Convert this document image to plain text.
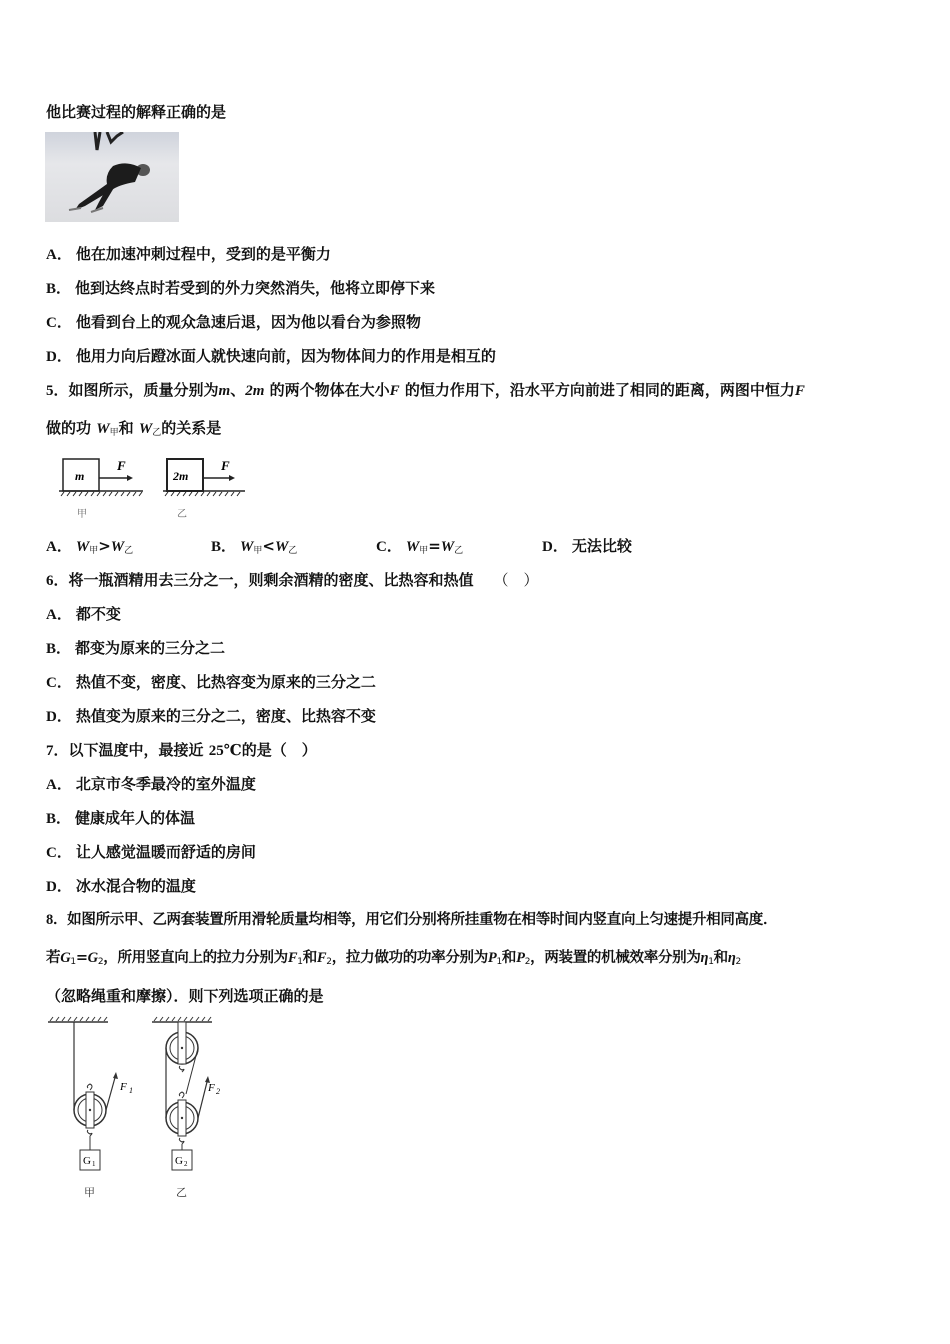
他比赛过程的解释正确的是
A． 他在加速冲刺过程中，受到的是平衡力
B． 他到达终点时若受到的外力突然消失，他将立即停下来
C． 他看到台上的观众急速后退，因为他以看台为参照物
D． 他用力向后蹬冰面人就快速向前，因为物体间力的作用是相互的
5．如图所示，质量分别为m、2m 的两个物体在大小F 的恒力作用下，沿水平方向前进了相同的距离，两图中恒力F
做的功 $W_甲$和 $W_乙$的关系是
m
F
甲
2m
F
乙
A． $W_甲>W_乙$	B． $W_甲<W_乙$	C． $W_甲=W_乙$	D． 无法比较
6．将一瓶酒精用去三分之一，则剩余酒精的密度、比热容和热值 （　）
A． 都不变
B． 都变为原来的三分之二
C． 热值不变，密度、比热容变为原来的三分之二
D． 热值变为原来的三分之二，密度、比热容不变
7．以下温度中，最接近 25℃的是（　）
A． 北京市冬季最冷的室外温度
B． 健康成年人的体温
C． 让人感觉温暖而舒适的房间
D． 冰水混合物的温度
8．如图所示甲、乙两套装置所用滑轮质量均相等，用它们分别将所挂重物在相等时间内竖直向上匀速提升相同高度．
若$G_1=G_2$，所用竖直向上的拉力分别为$F_1$和$F_2$，拉力做功的功率分别为$P_1$和$P_2$，两装置的机械效率分别为$\eta_1$和$\eta_2$
（忽略绳重和摩擦）．则下列选项正确的是
F 1
G 1
甲
F 2
G 2
乙
